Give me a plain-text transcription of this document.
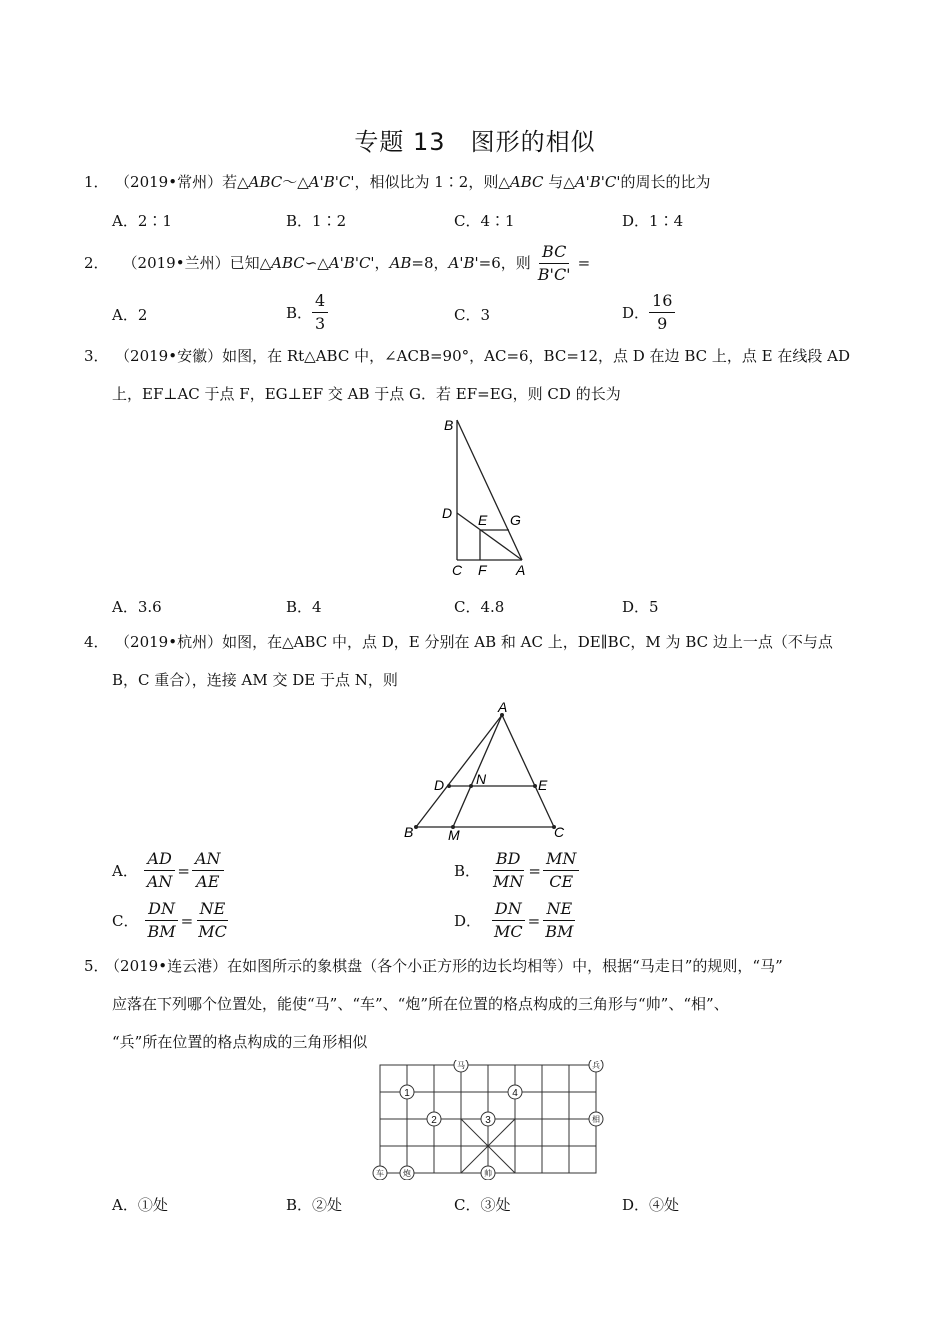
专题 13　图形的相似
1． （2019•常州）若△ABC～△A'B'C'，相似比为 1∶2，则△ABC 与△A'B'C'的周长的比为
A．2∶1	B．1∶2	C．4∶1	D．1∶4
2． （2019•兰州）已知△ ABC ∽△ A'B'C' ， AB =8， A'B' =6，则 $\frac{BC}{B'C'}$ =
A．2	B． $\frac{4}{3}$	C．3	D． $\frac{16}{9}$
3． （2019•安徽）如图，在 Rt△ABC 中，∠ACB=90°，AC=6，BC=12，点 D 在边 BC 上，点 E 在线段 AD
上，EF⊥AC 于点 F，EG⊥EF 交 AB 于点 G．若 EF=EG，则 CD 的长为
B
D E G
C F A
A．3.6	B．4	C．4.8	D．5
4． （2019•杭州）如图，在△ABC 中，点 D，E 分别在 AB 和 AC 上，DE∥BC，M 为 BC 边上一点（不与点
B，C 重合），连接 AM 交 DE 于点 N，则
A
D N	E
B M	C
A． $\frac{AD}{AN} = \frac{AN}{AE}$	B． $\frac{BD}{MN} = \frac{MN}{CE}$
C． $\frac{DN}{BM} = \frac{NE}{MC}$	D． $\frac{DN}{MC} = \frac{NE}{BM}$
5． （2019•连云港）在如图所示的象棋盘（各个小正方形的边长均相等）中，根据“马走日”的规则，“马”
应落在下列哪个位置处，能使“马”、“车”、“炮”所在位置的格点构成的三角形与“帅”、“相”、
“兵”所在位置的格点构成的三角形相似
1
2	3
4
马	兵
相
车 炮	帅
A．①处	B．②处	C．③处	D．④处
